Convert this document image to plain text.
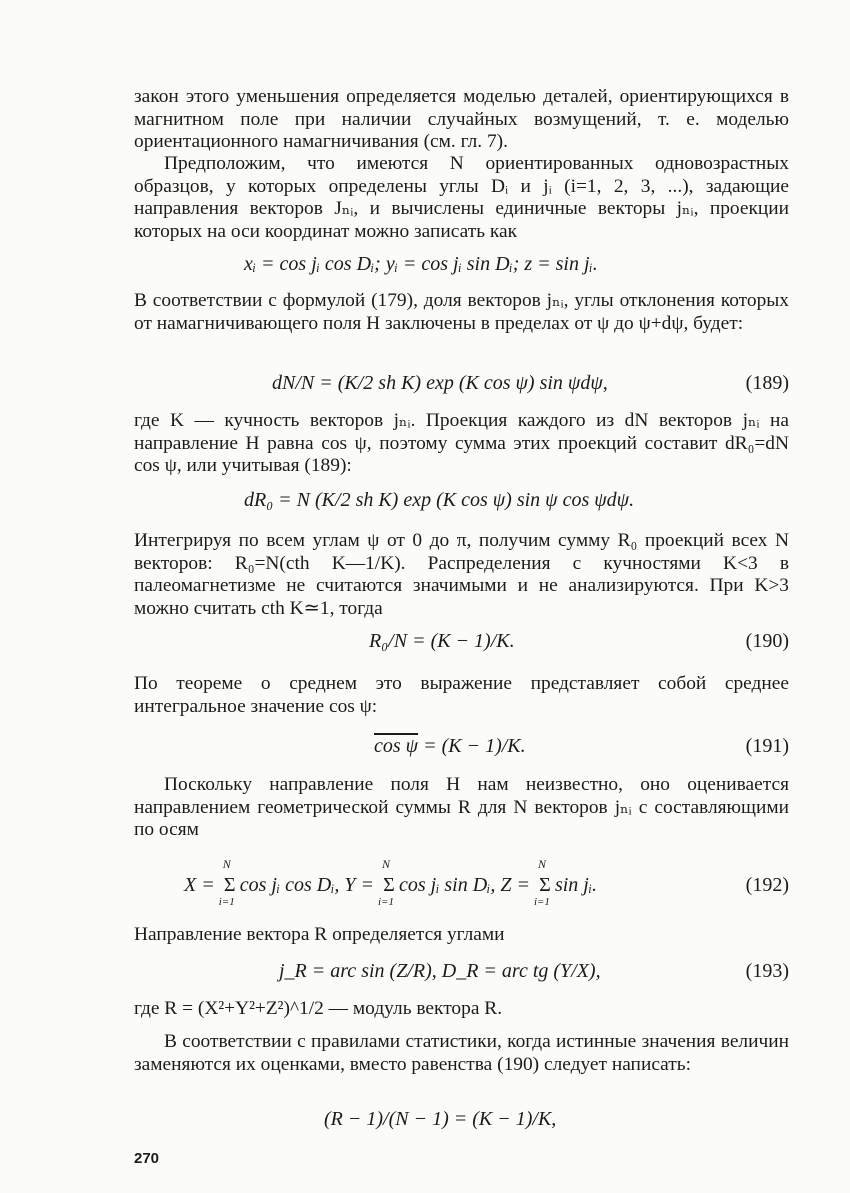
закон этого уменьшения определяется моделью деталей, ориентирующихся в магнитном поле при наличии случайных возмущений, т. е. моделью ориентационного намагничивания (см. гл. 7).

Предположим, что имеются N ориентированных одновозрастных образцов, у которых определены углы Dᵢ и jᵢ (i=1, 2, 3, ...), задающие направления векторов Jₙᵢ, и вычислены единичные векторы jₙᵢ, проекции которых на оси координат можно записать как

xᵢ = cos jᵢ cos Dᵢ; yᵢ = cos jᵢ sin Dᵢ; z = sin jᵢ.

В соответствии с формулой (179), доля векторов jₙᵢ, углы отклонения которых от намагничивающего поля H заключены в пределах от ψ до ψ+dψ, будет:

dN/N = (K/2 sh K) exp (K cos ψ) sin ψdψ,	(189)

где K — кучность векторов jₙᵢ. Проекция каждого из dN векторов jₙᵢ на направление H равна cos ψ, поэтому сумма этих проекций составит dR₀=dN cos ψ, или учитывая (189):

dR₀ = N (K/2 sh K) exp (K cos ψ) sin ψ cos ψdψ.

Интегрируя по всем углам ψ от 0 до π, получим сумму R₀ проекций всех N векторов: R₀=N(cth K—1/K). Распределения с кучностями K<3 в палеомагнетизме не считаются значимыми и не анализируются. При K>3 можно считать cth K≃1, тогда

R₀/N = (K − 1)/K.	(190)

По теореме о среднем это выражение представляет собой среднее интегральное значение cos ψ:

cos ψ = (K − 1)/K.	(191)

Поскольку направление поля H нам неизвестно, оно оценивается направлением геометрической суммы R для N векторов jₙᵢ с составляющими по осям

X =
N
Σ
i=1
cos jᵢ cos Dᵢ, Y =
N
Σ
i=1
cos jᵢ sin Dᵢ, Z =
N
Σ
i=1
sin jᵢ.	(192)

Направление вектора R определяется углами

j_R = arc sin (Z/R), D_R = arc tg (Y/X),	(193)

где R = (X²+Y²+Z²)^1/2 — модуль вектора R.

В соответствии с правилами статистики, когда истинные значения величин заменяются их оценками, вместо равенства (190) следует написать:

(R − 1)/(N − 1) = (K − 1)/K,
270
